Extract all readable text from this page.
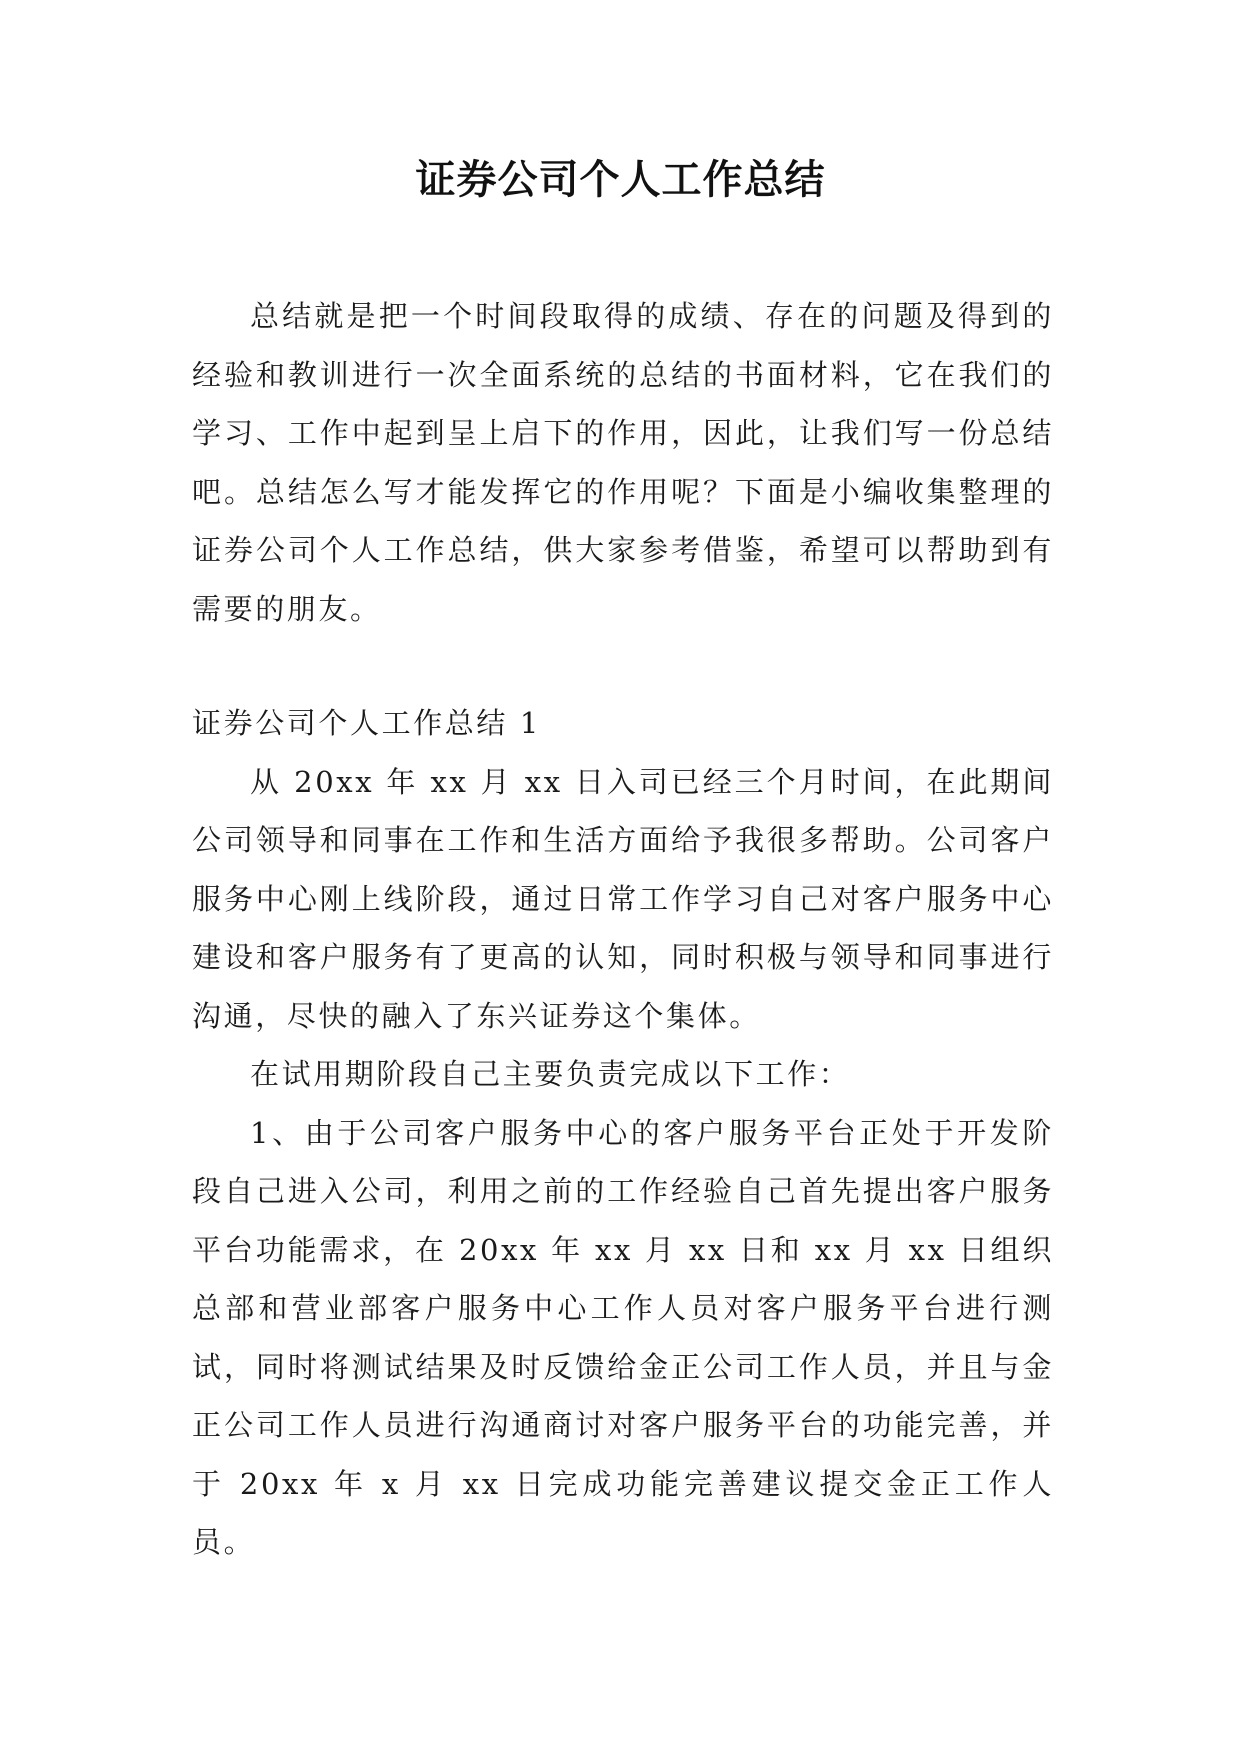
证券公司个人工作总结

总结就是把一个时间段取得的成绩、存在的问题及得到的经验和教训进行一次全面系统的总结的书面材料，它在我们的学习、工作中起到呈上启下的作用，因此，让我们写一份总结吧。总结怎么写才能发挥它的作用呢？下面是小编收集整理的证券公司个人工作总结，供大家参考借鉴，希望可以帮助到有需要的朋友。

证券公司个人工作总结 1

从 20xx 年 xx 月 xx 日入司已经三个月时间，在此期间公司领导和同事在工作和生活方面给予我很多帮助。公司客户服务中心刚上线阶段，通过日常工作学习自己对客户服务中心建设和客户服务有了更高的认知，同时积极与领导和同事进行沟通，尽快的融入了东兴证券这个集体。

在试用期阶段自己主要负责完成以下工作：

1、由于公司客户服务中心的客户服务平台正处于开发阶段自己进入公司，利用之前的工作经验自己首先提出客户服务平台功能需求，在 20xx 年 xx 月 xx 日和 xx 月 xx 日组织总部和营业部客户服务中心工作人员对客户服务平台进行测试，同时将测试结果及时反馈给金正公司工作人员，并且与金正公司工作人员进行沟通商讨对客户服务平台的功能完善，并于 20xx 年 x 月 xx 日完成功能完善建议提交金正工作人员。
